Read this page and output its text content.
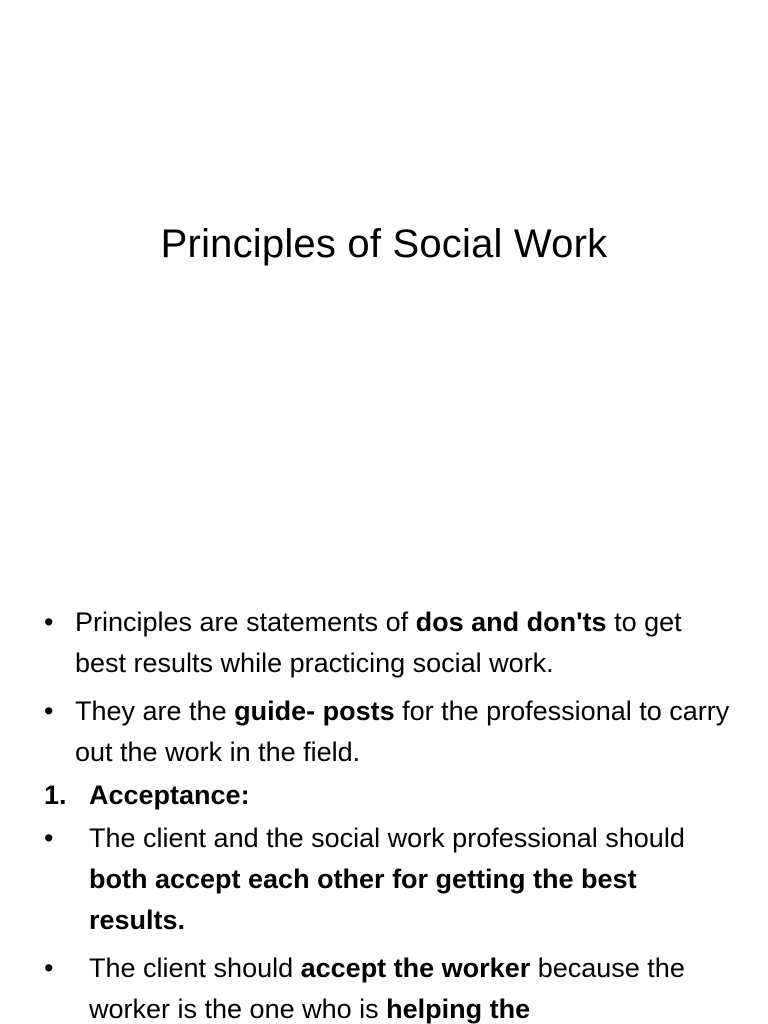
Principles of Social Work
• Principles are statements of dos and don'ts to get best results while practicing social work.
• They are the guide- posts for the professional to carry out the work in the field.
1. Acceptance:
• The client and the social work professional should both accept each other for getting the best results.
• The client should accept the worker because the worker is the one who is helping the
